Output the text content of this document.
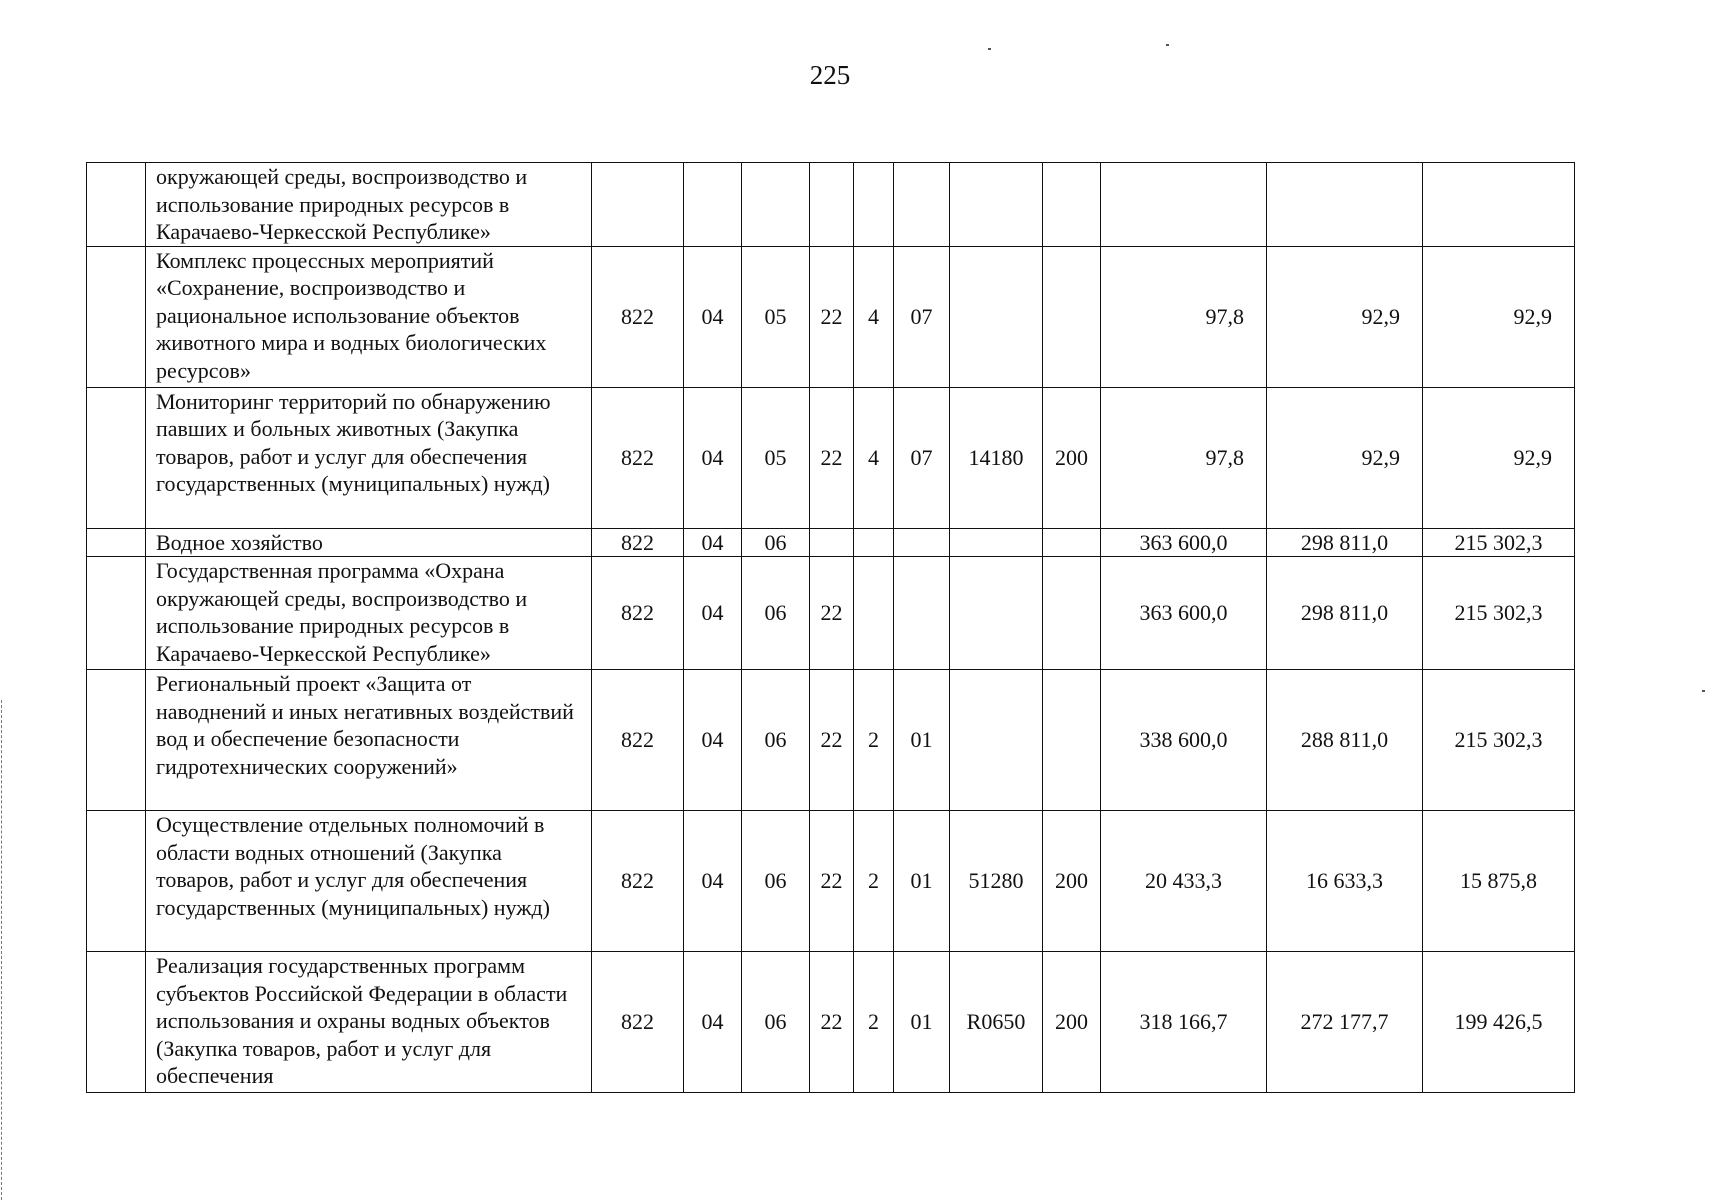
225
	окружающей среды, воспроизводство и использование природных ресурсов в Карачаево-Черкесской Республике»											
	Комплекс процессных мероприятий «Сохранение, воспроизводство и рациональное использование объектов животного мира и водных биологических ресурсов»	822	04	05	22	4	07			97,8	92,9	92,9
	Мониторинг территорий по обнаружению павших и больных животных (Закупка товаров, работ и услуг для обеспечения государственных (муниципальных) нужд)	822	04	05	22	4	07	14180	200	97,8	92,9	92,9
	Водное хозяйство	822	04	06						363 600,0	298 811,0	215 302,3
	Государственная программа «Охрана окружающей среды, воспроизводство и использование природных ресурсов в Карачаево-Черкесской Республике»	822	04	06	22					363 600,0	298 811,0	215 302,3
	Региональный проект «Защита от наводнений и иных негативных воздействий вод и обеспечение безопасности гидротехнических сооружений»	822	04	06	22	2	01			338 600,0	288 811,0	215 302,3
	Осуществление отдельных полномочий в области водных отношений (Закупка товаров, работ и услуг для обеспечения государственных (муниципальных) нужд)	822	04	06	22	2	01	51280	200	20 433,3	16 633,3	15 875,8
	Реализация государственных программ субъектов Российской Федерации в области использования и охраны водных объектов (Закупка товаров, работ и услуг для обеспечения	822	04	06	22	2	01	R0650	200	318 166,7	272 177,7	199 426,5
